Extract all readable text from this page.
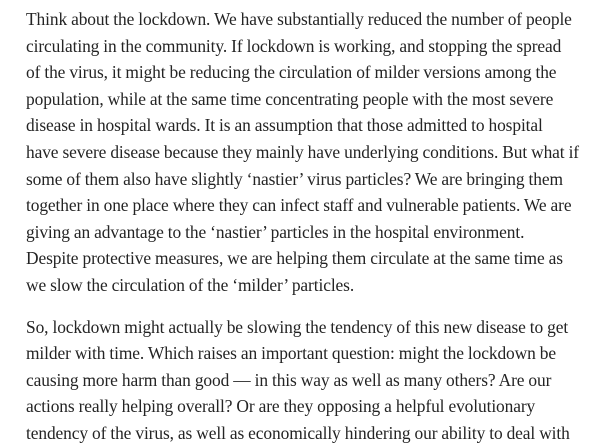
Think about the lockdown. We have substantially reduced the number of people
circulating in the community. If lockdown is working, and stopping the spread
of the virus, it might be reducing the circulation of milder versions among the
population, while at the same time concentrating people with the most severe
disease in hospital wards. It is an assumption that those admitted to hospital
have severe disease because they mainly have underlying conditions. But what if
some of them also have slightly ‘nastier’ virus particles? We are bringing them
together in one place where they can infect staff and vulnerable patients. We are
giving an advantage to the ‘nastier’ particles in the hospital environment.
Despite protective measures, we are helping them circulate at the same time as
we slow the circulation of the ‘milder’ particles.

So, lockdown might actually be slowing the tendency of this new disease to get
milder with time. Which raises an important question: might the lockdown be
causing more harm than good — in this way as well as many others? Are our
actions really helping overall? Or are they opposing a helpful evolutionary
tendency of the virus, as well as economically hindering our ability to deal with
